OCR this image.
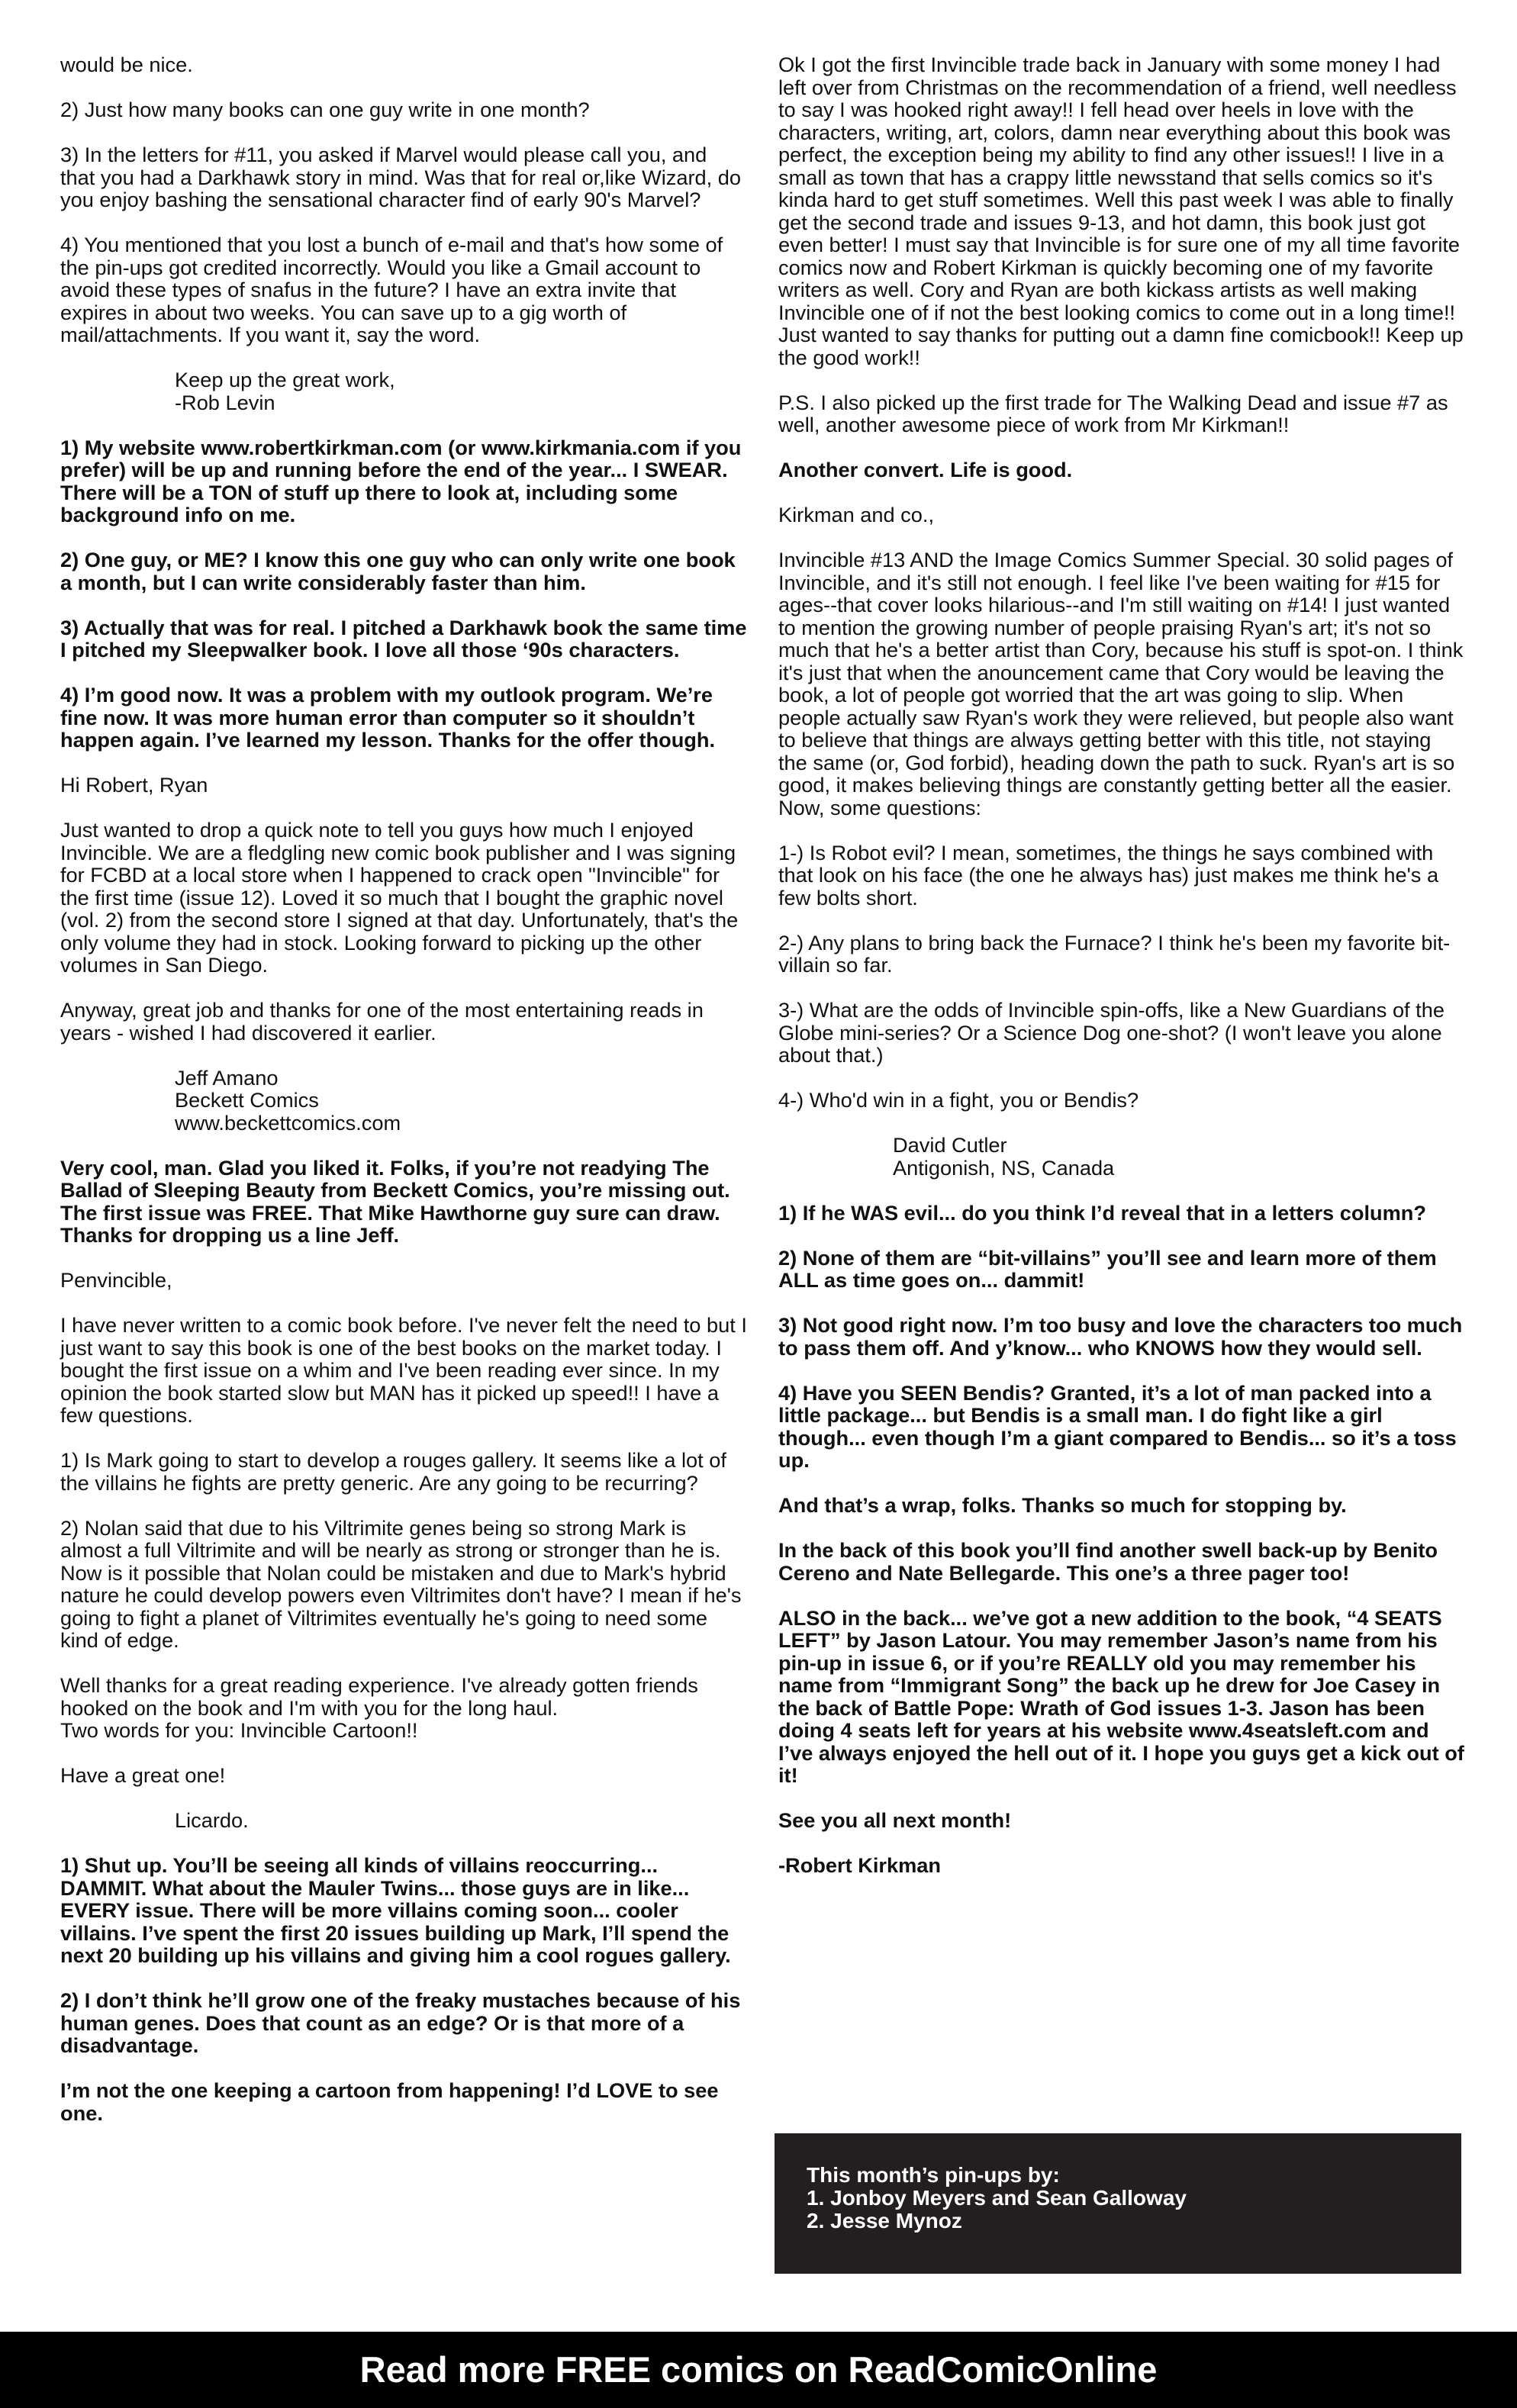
would be nice.
2) Just how many books can one guy write in one month?
3) In the letters for #11, you asked if Marvel would please call you, and that you had a Darkhawk story in mind. Was that for real or,like Wizard, do you enjoy bashing the sensational character find of early 90's Marvel?
4) You mentioned that you lost a bunch of e-mail and that's how some of the pin-ups got credited incorrectly. Would you like a Gmail account to avoid these types of snafus in the future? I have an extra invite that expires in about two weeks. You can save up to a gig worth of mail/attachments. If you want it, say the word.
Keep up the great work,
-Rob Levin
1) My website www.robertkirkman.com (or www.kirkmania.com if you prefer) will be up and running before the end of the year... I SWEAR. There will be a TON of stuff up there to look at, including some background info on me.
2) One guy, or ME? I know this one guy who can only write one book a month, but I can write considerably faster than him.
3) Actually that was for real. I pitched a Darkhawk book the same time I pitched my Sleepwalker book. I love all those ‘90s characters.
4) I’m good now. It was a problem with my outlook program. We’re fine now. It was more human error than computer so it shouldn’t happen again. I’ve learned my lesson. Thanks for the offer though.
Hi Robert, Ryan
Just wanted to drop a quick note to tell you guys how much I enjoyed Invincible. We are a fledgling new comic book publisher and I was signing for FCBD at a local store when I happened to crack open "Invincible" for the first time (issue 12). Loved it so much that I bought the graphic novel (vol. 2) from the second store I signed at that day. Unfortunately, that's the only volume they had in stock. Looking forward to picking up the other volumes in San Diego.
Anyway, great job and thanks for one of the most entertaining reads in years - wished I had discovered it earlier.
Jeff Amano
Beckett Comics
www.beckettcomics.com
Very cool, man. Glad you liked it. Folks, if you’re not readying The Ballad of Sleeping Beauty from Beckett Comics, you’re missing out. The first issue was FREE. That Mike Hawthorne guy sure can draw. Thanks for dropping us a line Jeff.
Penvincible,
I have never written to a comic book before. I've never felt the need to but I just want to say this book is one of the best books on the market today. I bought the first issue on a whim and I've been reading ever since. In my opinion the book started slow but MAN has it picked up speed!! I have a few questions.
1) Is Mark going to start to develop a rouges gallery. It seems like a lot of the villains he fights are pretty generic. Are any going to be recurring?
2) Nolan said that due to his Viltrimite genes being so strong Mark is almost a full Viltrimite and will be nearly as strong or stronger than he is. Now is it possible that Nolan could be mistaken and due to Mark's hybrid nature he could develop powers even Viltrimites don't have? I mean if he's going to fight a planet of Viltrimites eventually he's going to need some kind of edge.
Well thanks for a great reading experience. I've already gotten friends hooked on the book and I'm with you for the long haul.
Two words for you: Invincible Cartoon!!
Have a great one!
Licardo.
1) Shut up. You’ll be seeing all kinds of villains reoccurring... DAMMIT. What about the Mauler Twins... those guys are in like... EVERY issue. There will be more villains coming soon... cooler villains. I’ve spent the first 20 issues building up Mark, I’ll spend the next 20 building up his villains and giving him a cool rogues gallery.
2) I don’t think he’ll grow one of the freaky mustaches because of his human genes. Does that count as an edge? Or is that more of a disadvantage.
I’m not the one keeping a cartoon from happening! I’d LOVE to see one.
Ok I got the first Invincible trade back in January with some money I had left over from Christmas on the recommendation of a friend, well needless to say I was hooked right away!! I fell head over heels in love with the characters, writing, art, colors, damn near everything about this book was perfect, the exception being my ability to find any other issues!! I live in a small as town that has a crappy little newsstand that sells comics so it's kinda hard to get stuff sometimes. Well this past week I was able to finally get the second trade and issues 9-13, and hot damn, this book just got even better! I must say that Invincible is for sure one of my all time favorite comics now and Robert Kirkman is quickly becoming one of my favorite writers as well. Cory and Ryan are both kickass artists as well making Invincible one of if not the best looking comics to come out in a long time!! Just wanted to say thanks for putting out a damn fine comicbook!! Keep up the good work!!
P.S. I also picked up the first trade for The Walking Dead and issue #7 as well, another awesome piece of work from Mr Kirkman!!
Another convert. Life is good.
Kirkman and co.,
Invincible #13 AND the Image Comics Summer Special. 30 solid pages of Invincible, and it's still not enough. I feel like I've been waiting for #15 for ages--that cover looks hilarious--and I'm still waiting on #14! I just wanted to mention the growing number of people praising Ryan's art; it's not so much that he's a better artist than Cory, because his stuff is spot-on. I think it's just that when the anouncement came that Cory would be leaving the book, a lot of people got worried that the art was going to slip. When people actually saw Ryan's work they were relieved, but people also want to believe that things are always getting better with this title, not staying the same (or, God forbid), heading down the path to suck. Ryan's art is so good, it makes believing things are constantly getting better all the easier.
Now, some questions:
1-) Is Robot evil? I mean, sometimes, the things he says combined with that look on his face (the one he always has) just makes me think he's a few bolts short.
2-) Any plans to bring back the Furnace? I think he's been my favorite bit-villain so far.
3-) What are the odds of Invincible spin-offs, like a New Guardians of the Globe mini-series? Or a Science Dog one-shot? (I won't leave you alone about that.)
4-) Who'd win in a fight, you or Bendis?
David Cutler
Antigonish, NS, Canada
1) If he WAS evil... do you think I’d reveal that in a letters column?
2) None of them are “bit-villains” you’ll see and learn more of them ALL as time goes on... dammit!
3) Not good right now. I’m too busy and love the characters too much to pass them off. And y’know... who KNOWS how they would sell.
4) Have you SEEN Bendis? Granted, it’s a lot of man packed into a little package... but Bendis is a small man. I do fight like a girl though... even though I’m a giant compared to Bendis... so it’s a toss up.
And that’s a wrap, folks. Thanks so much for stopping by.
In the back of this book you’ll find another swell back-up by Benito Cereno and Nate Bellegarde. This one’s a three pager too!
ALSO in the back... we’ve got a new addition to the book, “4 SEATS LEFT” by Jason Latour. You may remember Jason’s name from his pin-up in issue 6, or if you’re REALLY old you may remember his name from “Immigrant Song” the back up he drew for Joe Casey in the back of Battle Pope: Wrath of God issues 1-3. Jason has been doing 4 seats left for years at his website www.4seatsleft.com and I’ve always enjoyed the hell out of it. I hope you guys get a kick out of it!
See you all next month!
-Robert Kirkman
This month’s pin-ups by:
1. Jonboy Meyers and Sean Galloway
2. Jesse Mynoz
Read more FREE comics on ReadComicOnline
